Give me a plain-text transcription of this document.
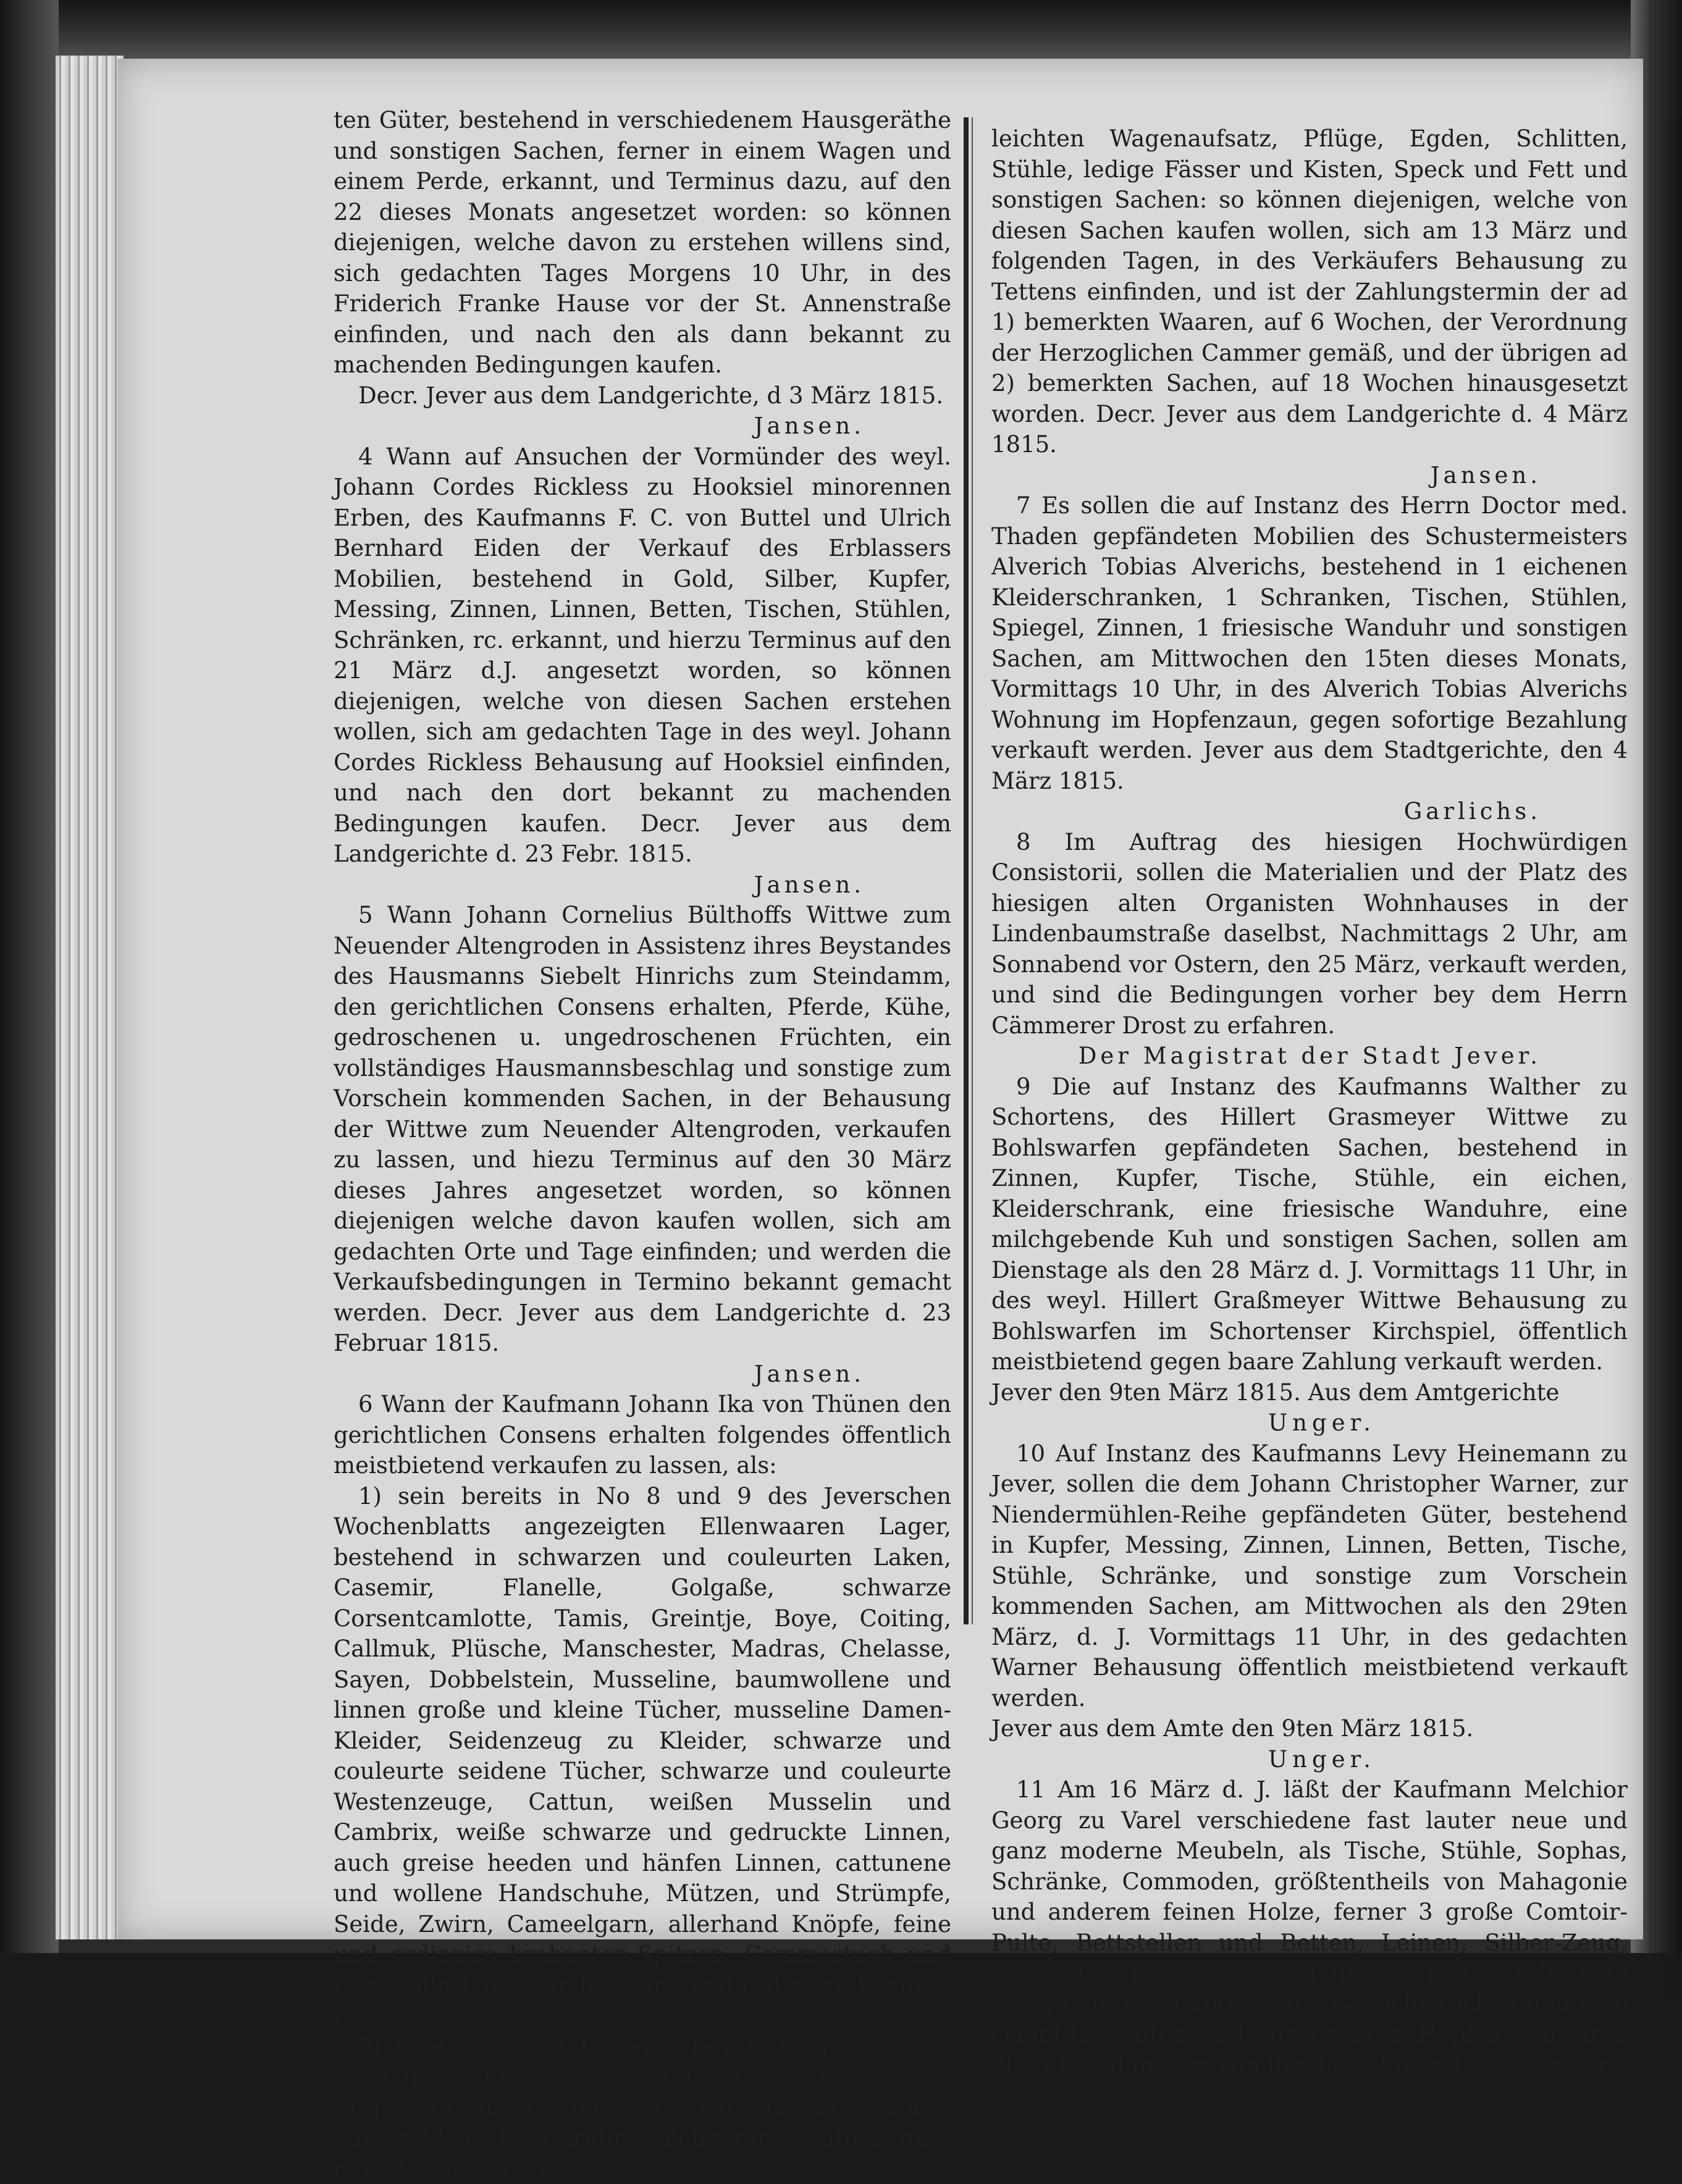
ten Güter, bestehend in verschiedenem Hausgeräthe und sonstigen Sachen, ferner in einem Wagen und einem Perde, erkannt, und Terminus dazu, auf den 22 dieses Monats angesetzet worden: so können diejenigen, welche davon zu erstehen willens sind, sich gedachten Tages Morgens 10 Uhr, in des Friderich Franke Hause vor der St. Annenstraße einfinden, und nach den als dann bekannt zu machenden Bedingungen kaufen.

Decr. Jever aus dem Landgerichte, d 3 März 1815.

Jansen.

4 Wann auf Ansuchen der Vormünder des weyl. Johann Cordes Rickless zu Hooksiel minorennen Erben, des Kaufmanns F. C. von Buttel und Ulrich Bernhard Eiden der Verkauf des Erblassers Mobilien, bestehend in Gold, Silber, Kupfer, Messing, Zinnen, Linnen, Betten, Tischen, Stühlen, Schränken, rc. erkannt, und hierzu Terminus auf den 21 März d.J. angesetzt worden, so können diejenigen, welche von diesen Sachen erstehen wollen, sich am gedachten Tage in des weyl. Johann Cordes Rickless Behausung auf Hooksiel einfinden, und nach den dort bekannt zu machenden Bedingungen kaufen. Decr. Jever aus dem Landgerichte d. 23 Febr. 1815.

Jansen.

5 Wann Johann Cornelius Bülthoffs Wittwe zum Neuender Altengroden in Assistenz ihres Beystandes des Hausmanns Siebelt Hinrichs zum Steindamm, den gerichtlichen Consens erhalten, Pferde, Kühe, gedroschenen u. ungedroschenen Früchten, ein vollständiges Hausmannsbeschlag und sonstige zum Vorschein kommenden Sachen, in der Behausung der Wittwe zum Neuender Altengroden, verkaufen zu lassen, und hiezu Terminus auf den 30 März dieses Jahres angesetzet worden, so können diejenigen welche davon kaufen wollen, sich am gedachten Orte und Tage einfinden; und werden die Verkaufsbedingungen in Termino bekannt gemacht werden. Decr. Jever aus dem Landgerichte d. 23 Februar 1815.

Jansen.

6 Wann der Kaufmann Johann Ika von Thünen den gerichtlichen Consens erhalten folgendes öffentlich meistbietend verkaufen zu lassen, als:

1) sein bereits in No 8 und 9 des Jeverschen Wochenblatts angezeigten Ellenwaaren Lager, bestehend in schwarzen und couleurten Laken, Casemir, Flanelle, Golgaße, schwarze Corsentcamlotte, Tamis, Greintje, Boye, Coiting, Callmuk, Plüsche, Manschester, Madras, Chelasse, Sayen, Dobbelstein, Musseline, baumwollene und linnen große und kleine Tücher, musseline Damen-Kleider, Seidenzeug zu Kleider, schwarze und couleurte seidene Tücher, schwarze und couleurte Westenzeuge, Cattun, weißen Musselin und Cambrix, weiße schwarze und gedruckte Linnen, auch greise heeden und hänfen Linnen, cattunene und wollene Handschuhe, Mützen, und Strümpfe, Seide, Zwirn, Cameelgarn, allerhand Knöpfe, feine und ordinaire brabanter Spitzen, Cammertuch und Gage, allerhand Bänder, feine und ordinaire Filzhüte rc.

2) eine Quantität Genever bey Oxhaupter, einen noch guten englischen Sattel, einen vilterier oder Tropfstein mit Gestell, eine silberne Taschenuhr, eine goldene Repetiruhr, Milchgeräthschaften, gute neue Säcke, einen

leichten Wagenaufsatz, Pflüge, Egden, Schlitten, Stühle, ledige Fässer und Kisten, Speck und Fett und sonstigen Sachen: so können diejenigen, welche von diesen Sachen kaufen wollen, sich am 13 März und folgenden Tagen, in des Verkäufers Behausung zu Tettens einfinden, und ist der Zahlungstermin der ad 1) bemerkten Waaren, auf 6 Wochen, der Verordnung der Herzoglichen Cammer gemäß, und der übrigen ad 2) bemerkten Sachen, auf 18 Wochen hinausgesetzt worden. Decr. Jever aus dem Landgerichte d. 4 März 1815.

Jansen.

7 Es sollen die auf Instanz des Herrn Doctor med. Thaden gepfändeten Mobilien des Schustermeisters Alverich Tobias Alverichs, bestehend in 1 eichenen Kleiderschranken, 1 Schranken, Tischen, Stühlen, Spiegel, Zinnen, 1 friesische Wanduhr und sonstigen Sachen, am Mittwochen den 15ten dieses Monats, Vormittags 10 Uhr, in des Alverich Tobias Alverichs Wohnung im Hopfenzaun, gegen sofortige Bezahlung verkauft werden. Jever aus dem Stadtgerichte, den 4 März 1815.

Garlichs.

8 Im Auftrag des hiesigen Hochwürdigen Consistorii, sollen die Materialien und der Platz des hiesigen alten Organisten Wohnhauses in der Lindenbaumstraße daselbst, Nachmittags 2 Uhr, am Sonnabend vor Ostern, den 25 März, verkauft werden, und sind die Bedingungen vorher bey dem Herrn Cämmerer Drost zu erfahren.

Der Magistrat der Stadt Jever.

9 Die auf Instanz des Kaufmanns Walther zu Schortens, des Hillert Grasmeyer Wittwe zu Bohlswarfen gepfändeten Sachen, bestehend in Zinnen, Kupfer, Tische, Stühle, ein eichen, Kleiderschrank, eine friesische Wanduhre, eine milchgebende Kuh und sonstigen Sachen, sollen am Dienstage als den 28 März d. J. Vormittags 11 Uhr, in des weyl. Hillert Graßmeyer Wittwe Behausung zu Bohlswarfen im Schortenser Kirchspiel, öffentlich meistbietend gegen baare Zahlung verkauft werden.

Jever den 9ten März 1815. Aus dem Amtgerichte

Unger.

10 Auf Instanz des Kaufmanns Levy Heinemann zu Jever, sollen die dem Johann Christopher Warner, zur Niendermühlen-Reihe gepfändeten Güter, bestehend in Kupfer, Messing, Zinnen, Linnen, Betten, Tische, Stühle, Schränke, und sonstige zum Vorschein kommenden Sachen, am Mittwochen als den 29ten März, d. J. Vormittags 11 Uhr, in des gedachten Warner Behausung öffentlich meistbietend verkauft werden.

Jever aus dem Amte den 9ten März 1815.

Unger.

11 Am 16 März d. J. läßt der Kaufmann Melchior Georg zu Varel verschiedene fast lauter neue und ganz moderne Meubeln, als Tische, Stühle, Sophas, Schränke, Commoden, größtentheils von Mahagonie und anderem feinen Holze, ferner 3 große Comtoir-Pulte, Bettstellen und Betten, Leinen, Silber-Zeug, Porcellain, Fußdecken, ein großes neues Zelt, eine Waage mit circa 2000 Pfund Gewichtstücken und eine Quantitaet alten und conservirten Hopfen von circa 3000 Pfund in dem von ihm bewohnten Hause an der
